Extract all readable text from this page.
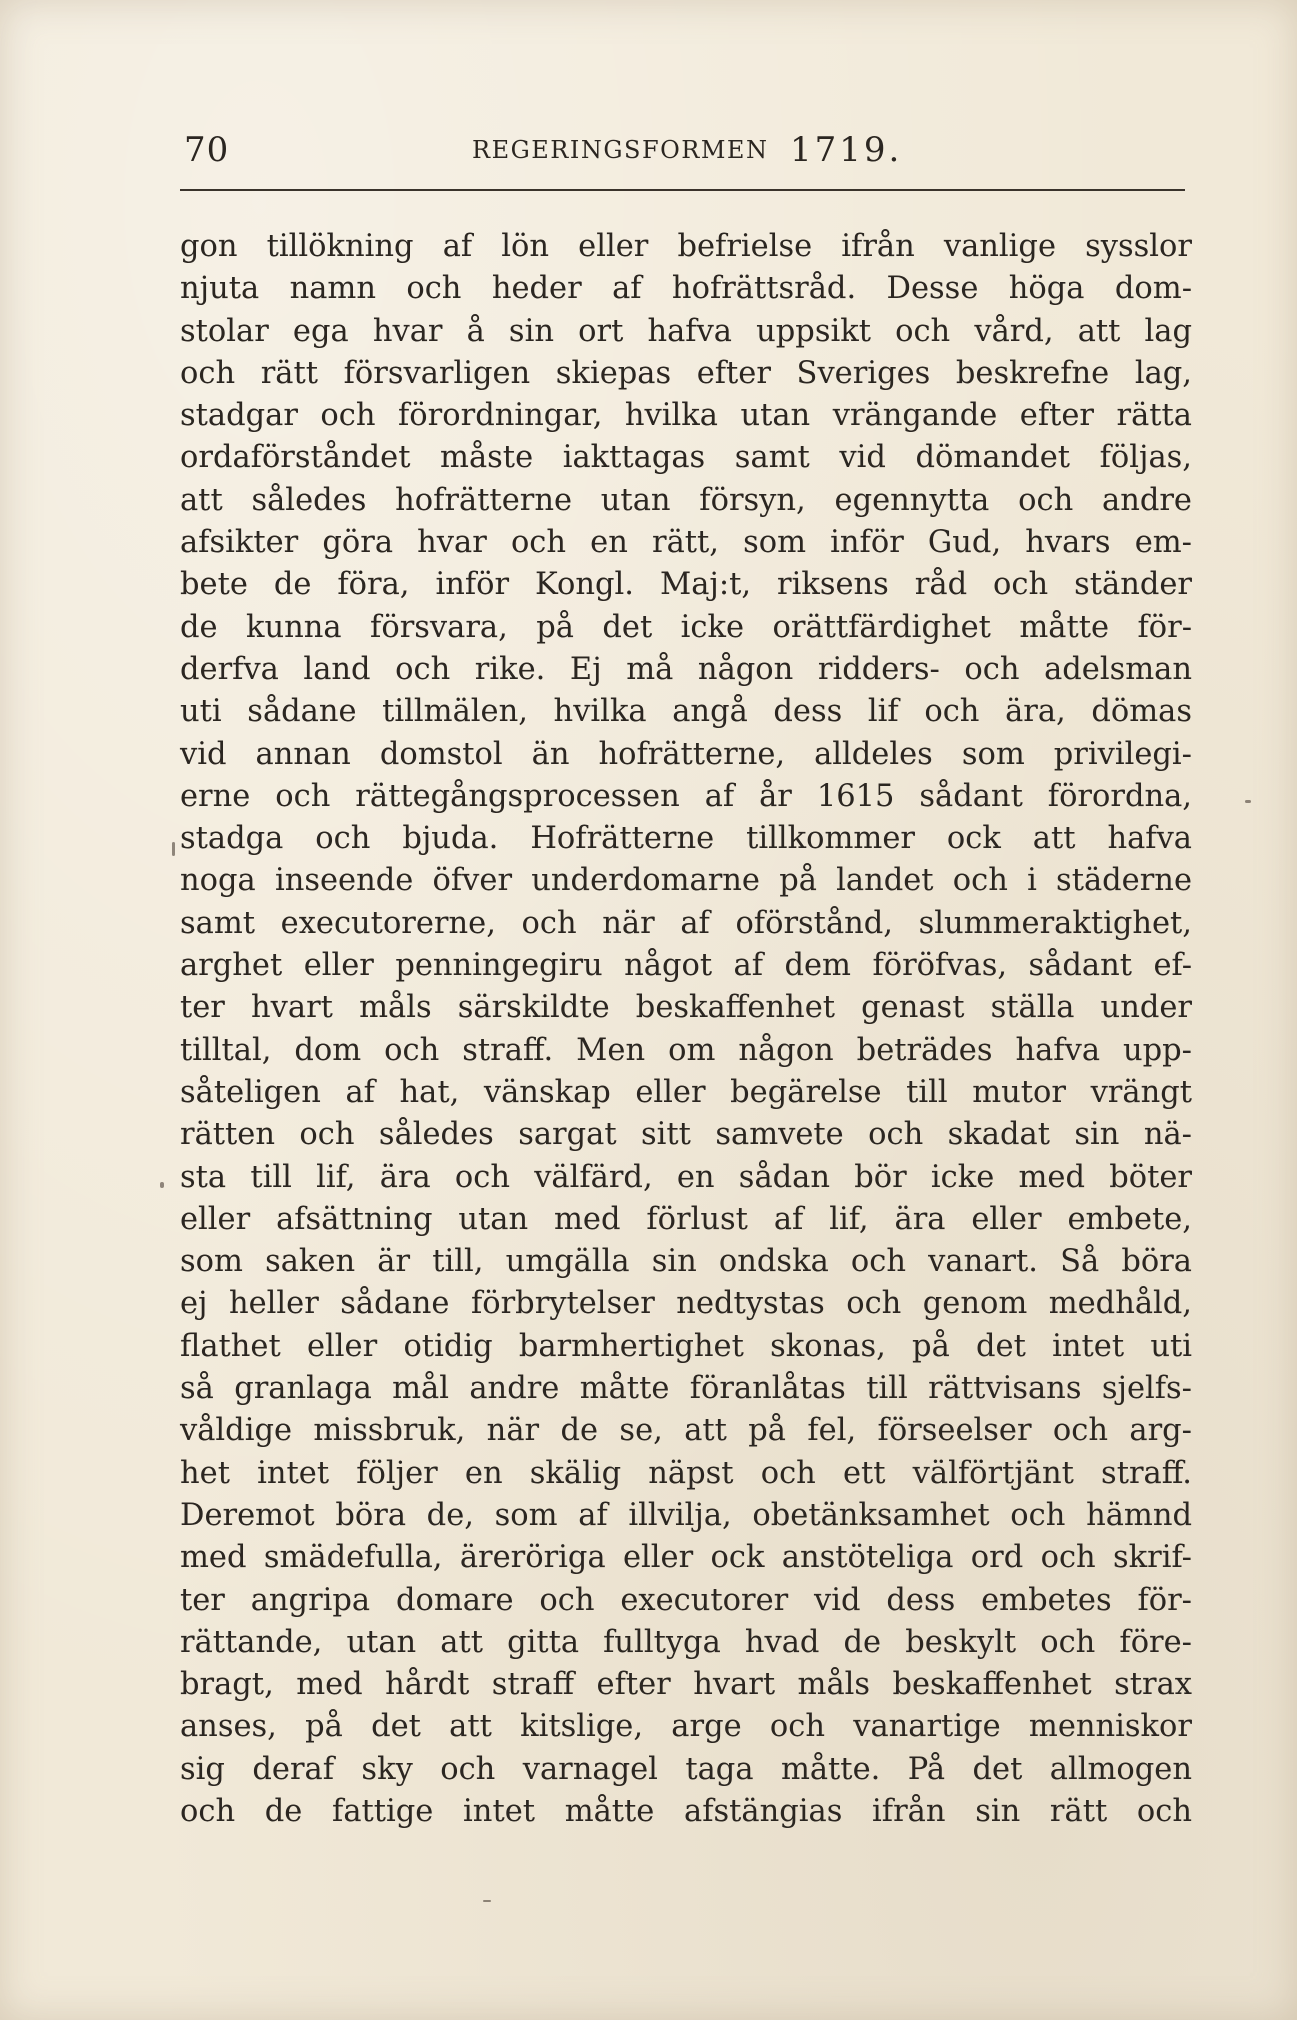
70	REGERINGSFORMEN 1719.
gon tillökning af lön eller befrielse ifrån vanlige sysslor
njuta namn och heder af hofrättsråd. Desse höga dom-
stolar ega hvar å sin ort hafva uppsikt och vård, att lag
och rätt försvarligen skiepas efter Sveriges beskrefne lag,
stadgar och förordningar, hvilka utan vrängande efter rätta
ordaförståndet måste iakttagas samt vid dömandet följas,
att således hofrätterne utan försyn, egennytta och andre
afsikter göra hvar och en rätt, som inför Gud, hvars em-
bete de föra, inför Kongl. Maj:t, riksens råd och ständer
de kunna försvara, på det icke orättfärdighet måtte för-
derfva land och rike. Ej må någon ridders- och adelsman
uti sådane tillmälen, hvilka angå dess lif och ära, dömas
vid annan domstol än hofrätterne, alldeles som privilegi-
erne och rättegångsprocessen af år 1615 sådant förordna,
stadga och bjuda. Hofrätterne tillkommer ock att hafva
noga inseende öfver underdomarne på landet och i städerne
samt executorerne, och när af oförstånd, slummeraktighet,
arghet eller penningegiru något af dem föröfvas, sådant ef-
ter hvart måls särskildte beskaffenhet genast ställa under
tilltal, dom och straff. Men om någon beträdes hafva upp-
såteligen af hat, vänskap eller begärelse till mutor vrängt
rätten och således sargat sitt samvete och skadat sin nä-
sta till lif, ära och välfärd, en sådan bör icke med böter
eller afsättning utan med förlust af lif, ära eller embete,
som saken är till, umgälla sin ondska och vanart. Så böra
ej heller sådane förbrytelser nedtystas och genom medhåld,
flathet eller otidig barmhertighet skonas, på det intet uti
så granlaga mål andre måtte föranlåtas till rättvisans sjelfs-
våldige missbruk, när de se, att på fel, förseelser och arg-
het intet följer en skälig näpst och ett välförtjänt straff.
Deremot böra de, som af illvilja, obetänksamhet och hämnd
med smädefulla, ärerörigа eller ock anstöteliga ord och skrif-
ter angripa domare och executorer vid dess embetes för-
rättande, utan att gitta fulltyga hvad de beskylt och före-
bragt, med hårdt straff efter hvart måls beskaffenhet strax
anses, på det att kitslige, arge och vanartige menniskor
sig deraf sky och varnagel taga måtte. På det allmogen
och de fattige intet måtte afstängias ifrån sin rätt och
